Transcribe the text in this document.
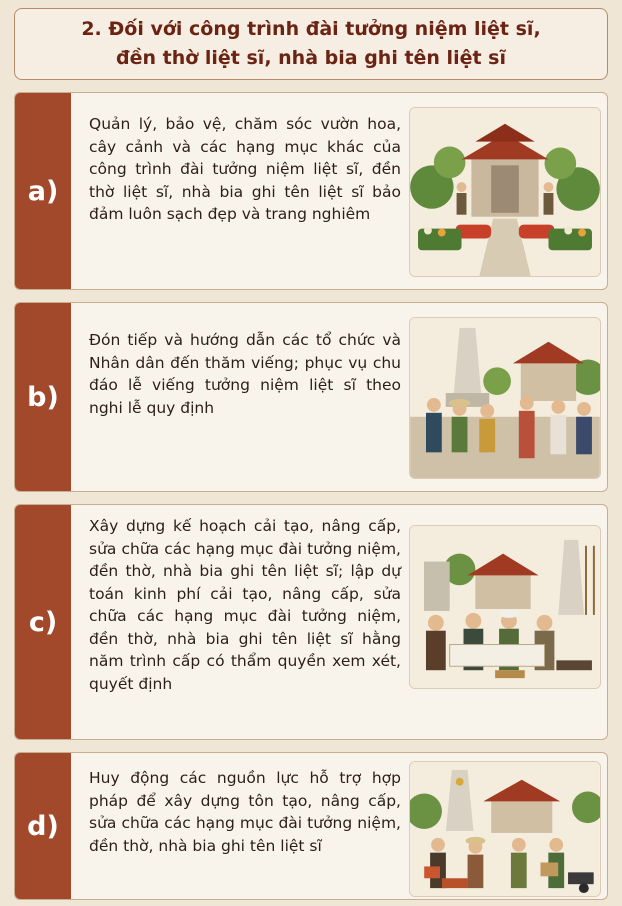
2. Đối với công trình đài tưởng niệm liệt sĩ,
đền thờ liệt sĩ, nhà bia ghi tên liệt sĩ
a)
Quản lý, bảo vệ, chăm sóc vườn hoa, cây cảnh và các hạng mục khác của công trình đài tưởng niệm liệt sĩ, đền thờ liệt sĩ, nhà bia ghi tên liệt sĩ bảo đảm luôn sạch đẹp và trang nghiêm
b)
Đón tiếp và hướng dẫn các tổ chức và Nhân dân đến thăm viếng; phục vụ chu đáo lễ viếng tưởng niệm liệt sĩ theo nghi lễ quy định
c)
Xây dựng kế hoạch cải tạo, nâng cấp, sửa chữa các hạng mục đài tưởng niệm, đền thờ, nhà bia ghi tên liệt sĩ; lập dự toán kinh phí cải tạo, nâng cấp, sửa chữa các hạng mục đài tưởng niệm, đền thờ, nhà bia ghi tên liệt sĩ hằng năm trình cấp có thẩm quyền xem xét, quyết định
d)
Huy động các nguồn lực hỗ trợ hợp pháp để xây dựng tôn tạo, nâng cấp, sửa chữa các hạng mục đài tưởng niệm, đền thờ, nhà bia ghi tên liệt sĩ
